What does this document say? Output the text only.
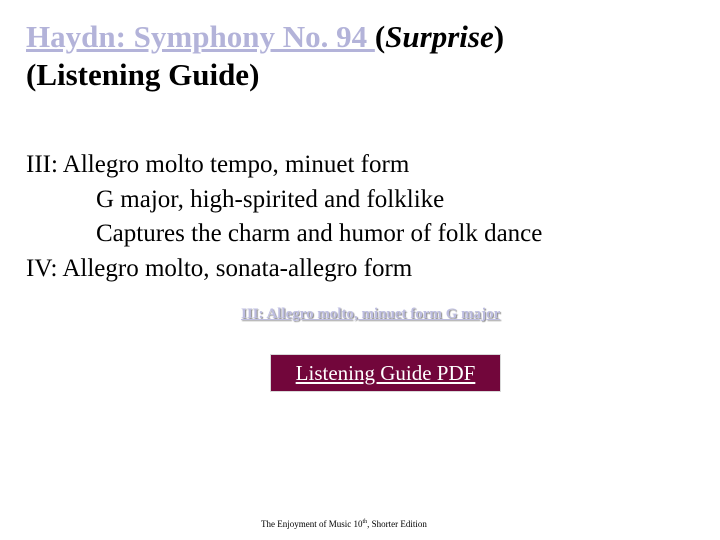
Haydn: Symphony No. 94 (Surprise)
(Listening Guide)
III: Allegro molto tempo, minuet form
G major, high-spirited and folklike
Captures the charm and humor of folk dance
IV: Allegro molto, sonata-allegro form
III: Allegro molto, minuet form G major
Listening Guide PDF
The Enjoyment of Music 10th, Shorter Edition
